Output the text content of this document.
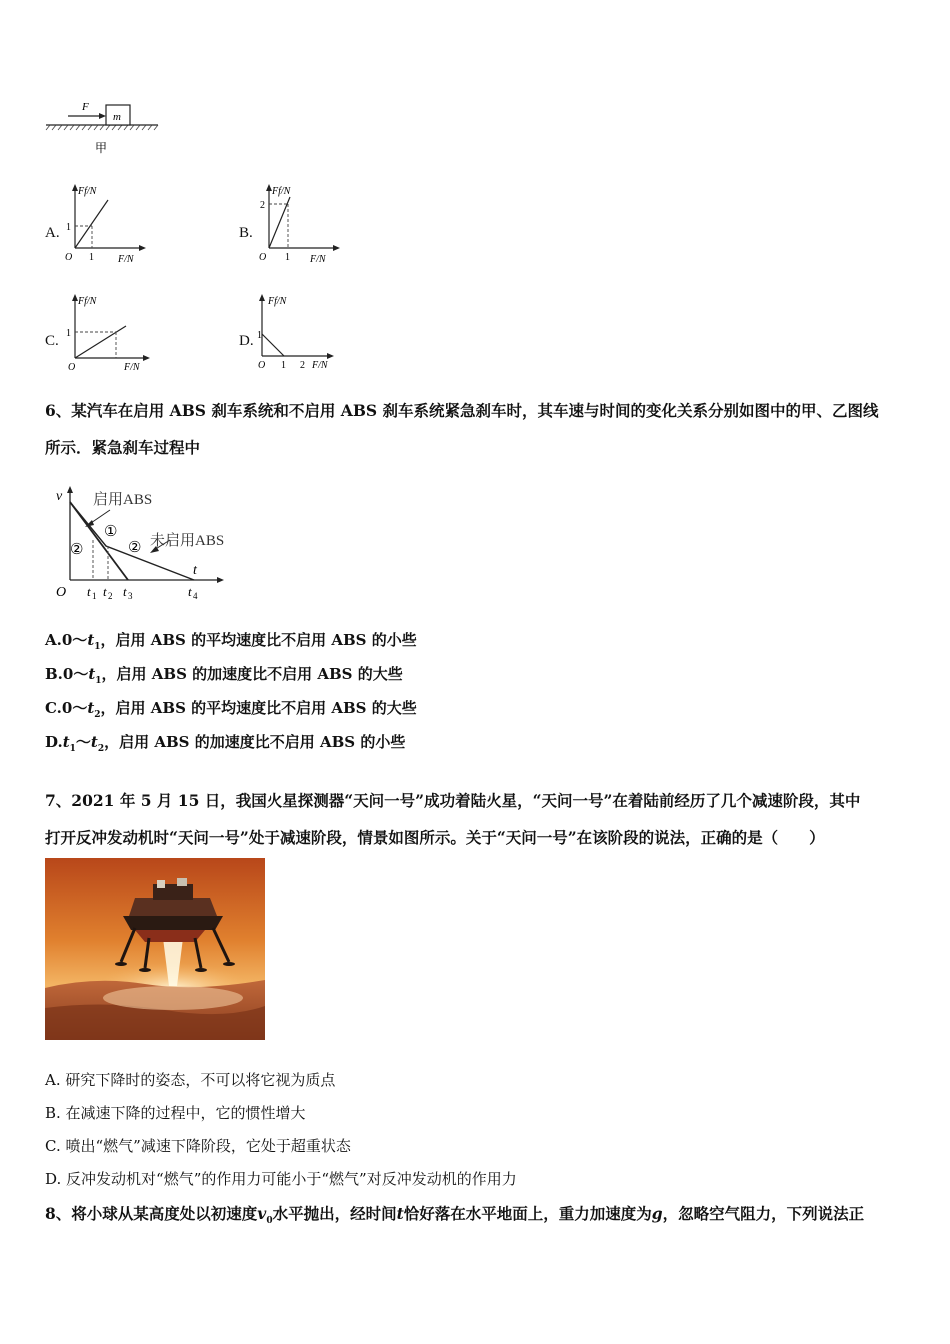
m
F
甲
A.
Ff/N
F/N
1
1
O
B.
Ff/N
F/N
2
1
O
C.
Ff/N
F/N
1
O
D.
Ff/N
F/N
1
1 2
O
6、某汽车在启用 ABS 刹车系统和不启用 ABS 刹车系统紧急刹车时，其车速与时间的变化关系分别如图中的甲、乙图线
所示．紧急刹车过程中
v
t
O
启用ABS
未启用ABS
①
②	②
t 1 t 2 t 3	t 4
$A.0\sim t_1$，启用 ABS 的平均速度比不启用 ABS 的小些
$B.0\sim t_1$，启用 ABS 的加速度比不启用 ABS 的大些
$C.0\sim t_2$，启用 ABS 的平均速度比不启用 ABS 的大些
$D.t_1\sim t_2$，启用 ABS 的加速度比不启用 ABS 的小些
7、2021 年 5 月 15 日，我国火星探测器“天问一号”成功着陆火星，“天问一号”在着陆前经历了几个减速阶段，其中
打开反冲发动机时“天问一号”处于减速阶段，情景如图所示。关于“天问一号”在该阶段的说法，正确的是（　　）
A. 研究下降时的姿态，不可以将它视为质点
B. 在减速下降的过程中，它的惯性增大
C. 喷出“燃气”减速下降阶段，它处于超重状态
D. 反冲发动机对“燃气”的作用力可能小于“燃气”对反冲发动机的作用力
8、将小球从某高度处以初速度$v_0$水平抛出，经时间t恰好落在水平地面上，重力加速度为g，忽略空气阻力，下列说法正
